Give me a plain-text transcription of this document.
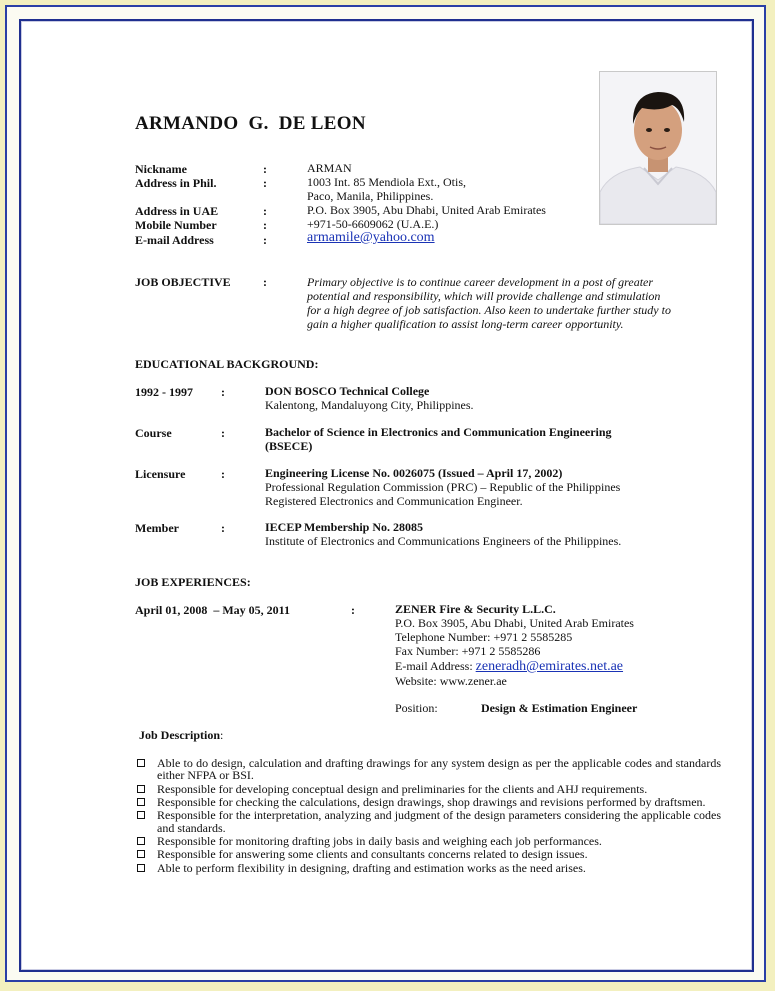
ARMANDO  G.  DE LEON
Nickname	:	ARMAN
Address in Phil.	:	1003 Int. 85 Mendiola Ext., Otis,
Paco, Manila, Philippines.
Address in UAE	:	P.O. Box 3905, Abu Dhabi, United Arab Emirates
Mobile Number	:	+971-50-6609062 (U.A.E.)
E-mail Address	:	armamile@yahoo.com
JOB OBJECTIVE	:	Primary objective is to continue career development in a post of greater
potential and responsibility, which will provide challenge and stimulation
for a high degree of job satisfaction. Also keen to undertake further study to
gain a higher qualification to assist long-term career opportunity.
EDUCATIONAL BACKGROUND:
1992 - 1997 :	DON BOSCO Technical College
Kalentong, Mandaluyong City, Philippines.
Course	:	Bachelor of Science in Electronics and Communication Engineering
(BSECE)
Licensure	:	Engineering License No. 0026075 (Issued – April 17, 2002)
Professional Regulation Commission (PRC) – Republic of the Philippines
Registered Electronics and Communication Engineer.
Member	:	IECEP Membership No. 28085
Institute of Electronics and Communications Engineers of the Philippines.
JOB EXPERIENCES:
April 01, 2008  – May 05, 2011	:	ZENER Fire & Security L.L.C.
P.O. Box 3905, Abu Dhabi, United Arab Emirates
Telephone Number: +971 2 5585285
Fax Number: +971 2 5585286
E-mail Address: zeneradh@emirates.net.ae
Website: www.zener.ae
Position:	Design & Estimation Engineer
Job Description:
Able to do design, calculation and drafting drawings for any system design as per the applicable codes and standards either NFPA or BSI.
Responsible for developing conceptual design and preliminaries for the clients and AHJ requirements.
Responsible for checking the calculations, design drawings, shop drawings and revisions performed by draftsmen.
Responsible for the interpretation, analyzing and judgment of the design parameters considering the applicable codes and standards.
Responsible for monitoring drafting jobs in daily basis and weighing each job performances.
Responsible for answering some clients and consultants concerns related to design issues.
Able to perform flexibility in designing, drafting and estimation works as the need arises.
